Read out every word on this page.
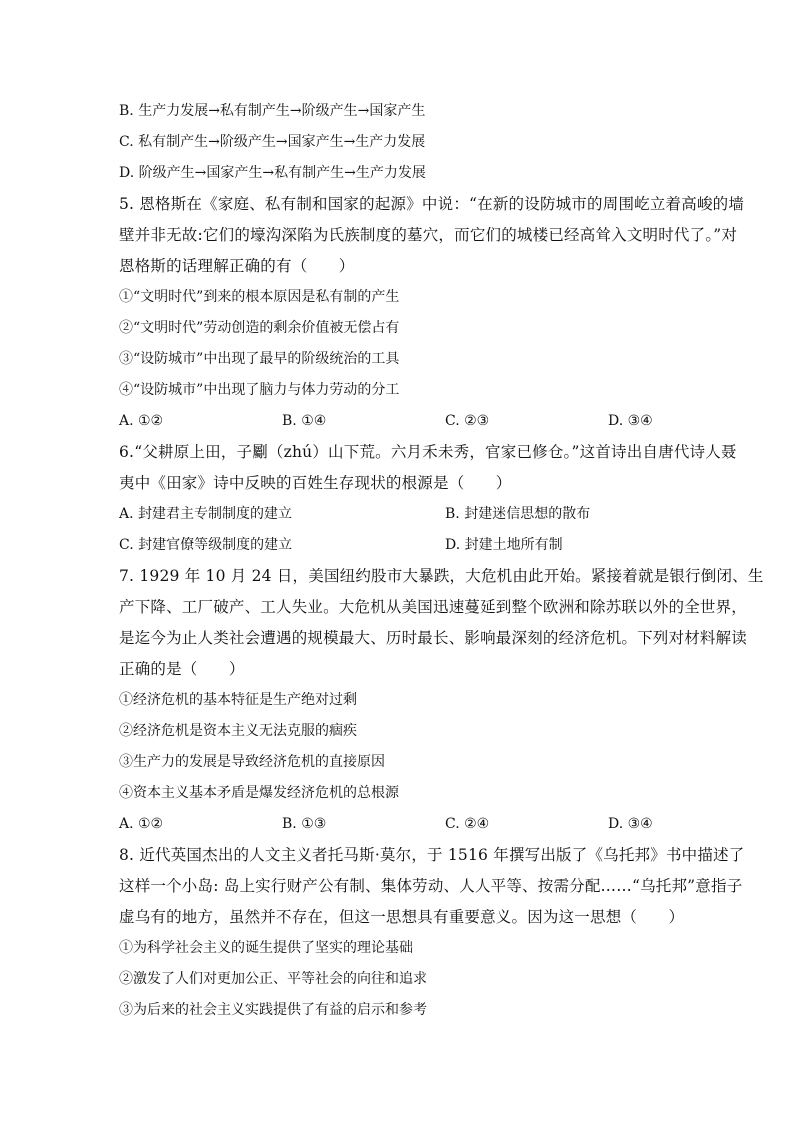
B. 生产力发展→私有制产生→阶级产生→国家产生
C. 私有制产生→阶级产生→国家产生→生产力发展
D. 阶级产生→国家产生→私有制产生→生产力发展
5. 恩格斯在《家庭、私有制和国家的起源》中说：“在新的设防城市的周围屹立着高峻的墙
壁并非无故:它们的壕沟深陷为氏族制度的墓穴，而它们的城楼已经高耸入文明时代了。”对
恩格斯的话理解正确的有（　　）
①“文明时代”到来的根本原因是私有制的产生
②“文明时代”劳动创造的剩余价值被无偿占有
③“设防城市”中出现了最早的阶级统治的工具
④“设防城市”中出现了脑力与体力劳动的分工
A. ①②	B. ①④	C. ②③	D. ③④
6.“父耕原上田，子劚（zhú）山下荒。六月禾未秀，官家已修仓。”这首诗出自唐代诗人聂
夷中《田家》诗中反映的百姓生存现状的根源是（　　）
A. 封建君主专制制度的建立	B. 封建迷信思想的散布
C. 封建官僚等级制度的建立	D. 封建土地所有制
7. 1929 年 10 月 24 日，美国纽约股市大暴跌，大危机由此开始。紧接着就是银行倒闭、生
产下降、工厂破产、工人失业。大危机从美国迅速蔓延到整个欧洲和除苏联以外的全世界，
是迄今为止人类社会遭遇的规模最大、历时最长、影响最深刻的经济危机。下列对材料解读
正确的是（　　）
①经济危机的基本特征是生产绝对过剩
②经济危机是资本主义无法克服的痼疾
③生产力的发展是导致经济危机的直接原因
④资本主义基本矛盾是爆发经济危机的总根源
A. ①②	B. ①③	C. ②④	D. ③④
8. 近代英国杰出的人文主义者托马斯·莫尔，于 1516 年撰写出版了《乌托邦》书中描述了
这样一个小岛: 岛上实行财产公有制、集体劳动、人人平等、按需分配……“乌托邦”意指子
虚乌有的地方，虽然并不存在，但这一思想具有重要意义。因为这一思想（　　）
①为科学社会主义的诞生提供了坚实的理论基础
②激发了人们对更加公正、平等社会的向往和追求
③为后来的社会主义实践提供了有益的启示和参考
